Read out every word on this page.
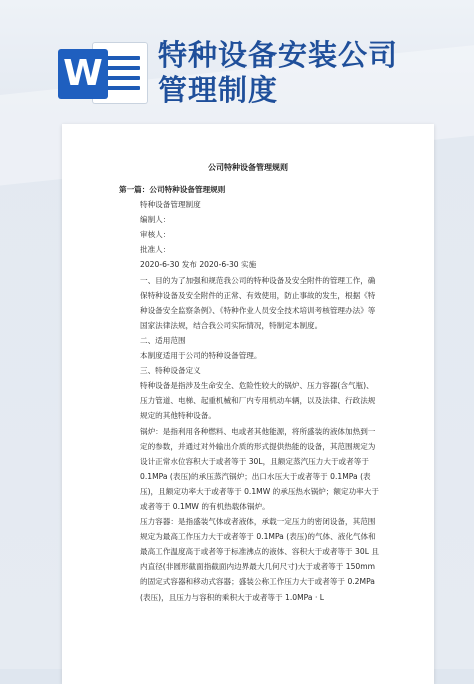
W 特种设备安装公司
管理制度
公司特种设备管理规则

第一篇：公司特种设备管理规则

特种设备管理制度

编制人：

审核人：

批准人：

2020-6-30 发布 2020-6-30 实施

一、目的为了加强和规范我公司的特种设备及安全附件的管理工作，确保特种设备及安全附件的正常、有效使用，防止事故的发生，根据《特种设备安全监察条例》、《特种作业人员安全技术培训考核管理办法》等国家法律法规，结合我公司实际情况，特制定本制度。

二、适用范围

本制度适用于公司的特种设备管理。

三、特种设备定义

特种设备是指涉及生命安全、危险性较大的锅炉、压力容器(含气瓶)、压力管道、电梯、起重机械和厂内专用机动车辆，以及法律、行政法规规定的其他特种设备。

锅炉：是指利用各种燃料、电或者其他能源，将所盛装的液体加热到一定的参数，并通过对外输出介质的形式提供热能的设备，其范围规定为设计正常水位容积大于或者等于 30L，且额定蒸汽压力大于或者等于 0.1MPa (表压)的承压蒸汽锅炉；出口水压大于或者等于 0.1MPa (表压)，且额定功率大于或者等于 0.1MW 的承压热水锅炉；额定功率大于或者等于 0.1MW 的有机热载体锅炉。

压力容器：是指盛装气体或者液体，承载一定压力的密闭设备，其范围规定为最高工作压力大于或者等于 0.1MPa (表压)的气体、液化气体和最高工作温度高于或者等于标准沸点的液体、容积大于或者等于 30L 且内直径(非圆形截面指截面内边界最大几何尺寸)大于或者等于 150mm 的固定式容器和移动式容器；盛装公称工作压力大于或者等于 0.2MPa (表压)，且压力与容积的乘积大于或者等于 1.0MPa · L
